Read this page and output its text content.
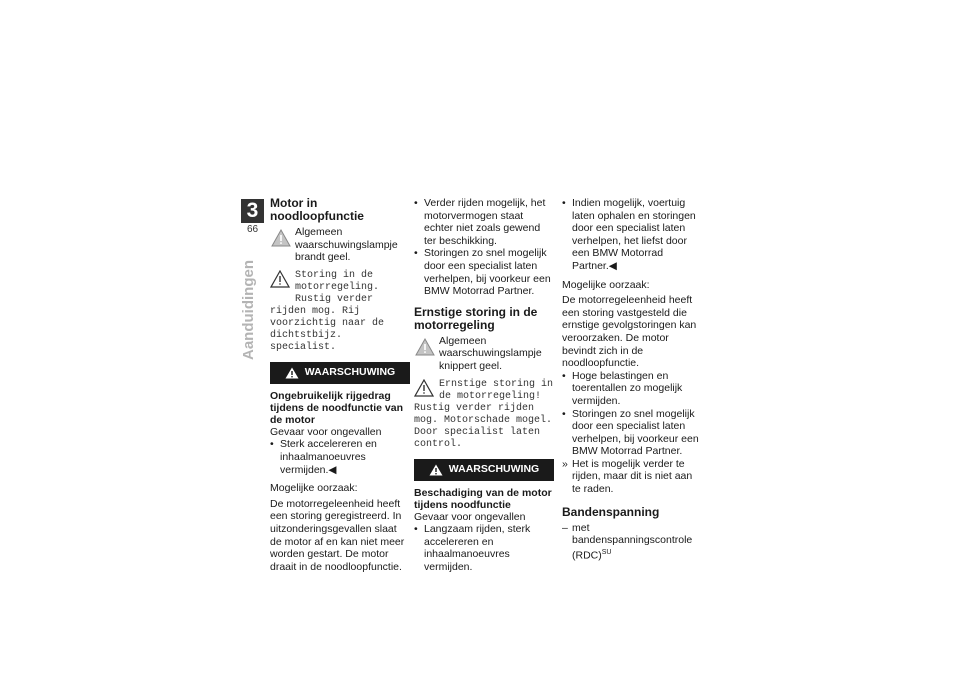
3
66
Aanduidingen
Motor in noodloopfunctie

Algemeen waarschuwingslampje brandt geel.

Storing in de motorregeling. Rustig verder
rijden mog. Rij voorzichtig naar de dichtstbijz. specialist.
WAARSCHUWING
Ongebruikelijk rijgedrag tijdens de noodfunctie van de motor

Gevaar voor ongevallen

• Sterk accelereren en inhaalmanoeuvres vermijden.◀

Mogelijke oorzaak:

De motorregeleenheid heeft een storing geregistreerd. In uitzonderingsgevallen slaat de motor af en kan niet meer worden gestart. De motor draait in de noodloopfunctie.

• Verder rijden mogelijk, het motorvermogen staat echter niet zoals gewend ter beschikking.
• Storingen zo snel mogelijk door een specialist laten verhelpen, bij voorkeur een BMW Motorrad Partner.
Ernstige storing in de motorregeling

Algemeen waarschuwingslampje knippert geel.

Ernstige storing in de motorregeling!
Rustig verder rijden mog. Motorschade mogel. Door specialist laten control.
WAARSCHUWING
Beschadiging van de motor tijdens noodfunctie

Gevaar voor ongevallen

• Langzaam rijden, sterk accelereren en inhaalmanoeuvres vermijden.
• Indien mogelijk, voertuig laten ophalen en storingen door een specialist laten verhelpen, het liefst door een BMW Motorrad Partner.◀

Mogelijke oorzaak:

De motorregeleenheid heeft een storing vastgesteld die ernstige gevolgstoringen kan veroorzaken. De motor bevindt zich in de noodloopfunctie.

• Hoge belastingen en toerentallen zo mogelijk vermijden.
• Storingen zo snel mogelijk door een specialist laten verhelpen, bij voorkeur een BMW Motorrad Partner.
» Het is mogelijk verder te rijden, maar dit is niet aan te raden.
Bandenspanning
– met bandenspanningscontrole (RDC)$^{SU}$
